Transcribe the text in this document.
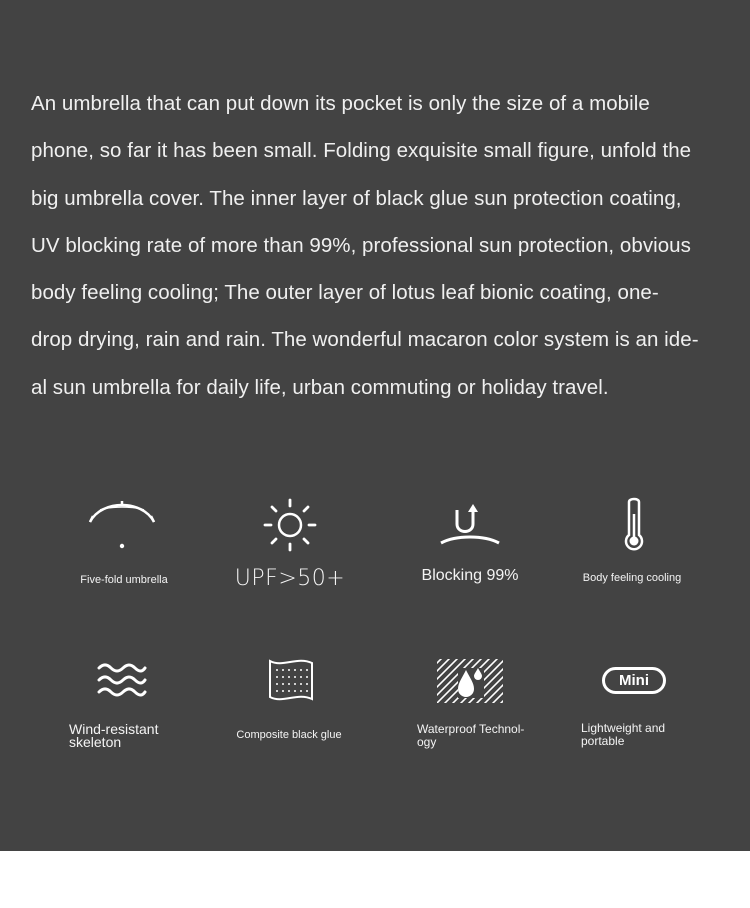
An umbrella that can put down its pocket is only the size of a mobile
phone, so far it has been small. Folding exquisite small figure, unfold the
big umbrella cover. The inner layer of black glue sun protection coating,
UV blocking rate of more than 99%, professional sun protection, obvious
body feeling cooling; The outer layer of lotus leaf bionic coating, one-
drop drying, rain and rain. The wonderful macaron color system is an ide-
al sun umbrella for daily life, urban commuting or holiday travel.
Five-fold umbrella	UPF>50+	Blocking 99%	Body feeling cooling
Wind-resistant skeleton	Composite black glue	Waterproof Technol- ogy
Mini
Lightweight and portable
